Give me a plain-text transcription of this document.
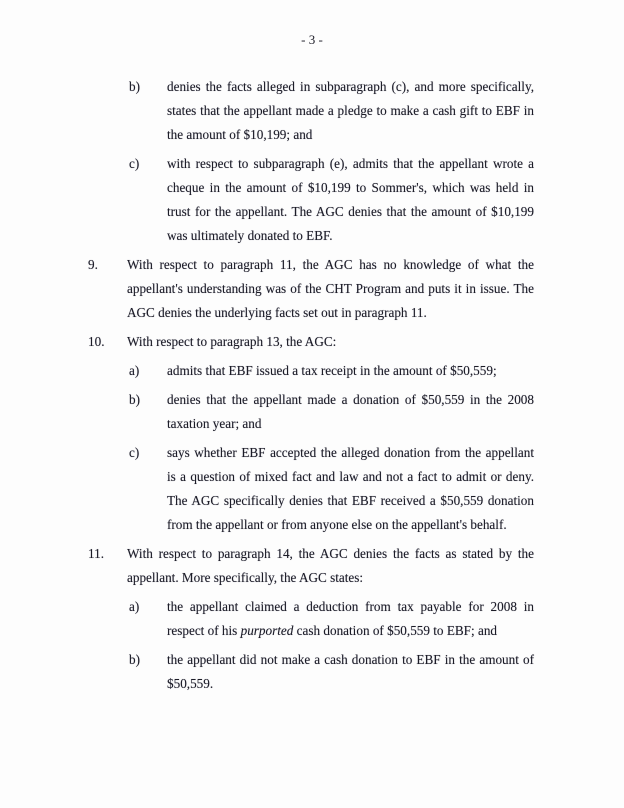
- 3 -
b)	denies the facts alleged in subparagraph (c), and more specifically, states that the appellant made a pledge to make a cash gift to EBF in the amount of $10,199; and
c)	with respect to subparagraph (e), admits that the appellant wrote a cheque in the amount of $10,199 to Sommer's, which was held in trust for the appellant. The AGC denies that the amount of $10,199 was ultimately donated to EBF.
9.	With respect to paragraph 11, the AGC has no knowledge of what the appellant's understanding was of the CHT Program and puts it in issue. The AGC denies the underlying facts set out in paragraph 11.
10.	With respect to paragraph 13, the AGC:
a)	admits that EBF issued a tax receipt in the amount of $50,559;
b)	denies that the appellant made a donation of $50,559 in the 2008 taxation year; and
c)	says whether EBF accepted the alleged donation from the appellant is a question of mixed fact and law and not a fact to admit or deny. The AGC specifically denies that EBF received a $50,559 donation from the appellant or from anyone else on the appellant's behalf.
11.	With respect to paragraph 14, the AGC denies the facts as stated by the appellant. More specifically, the AGC states:
a)	the appellant claimed a deduction from tax payable for 2008 in respect of his purported cash donation of $50,559 to EBF; and
b)	the appellant did not make a cash donation to EBF in the amount of $50,559.
